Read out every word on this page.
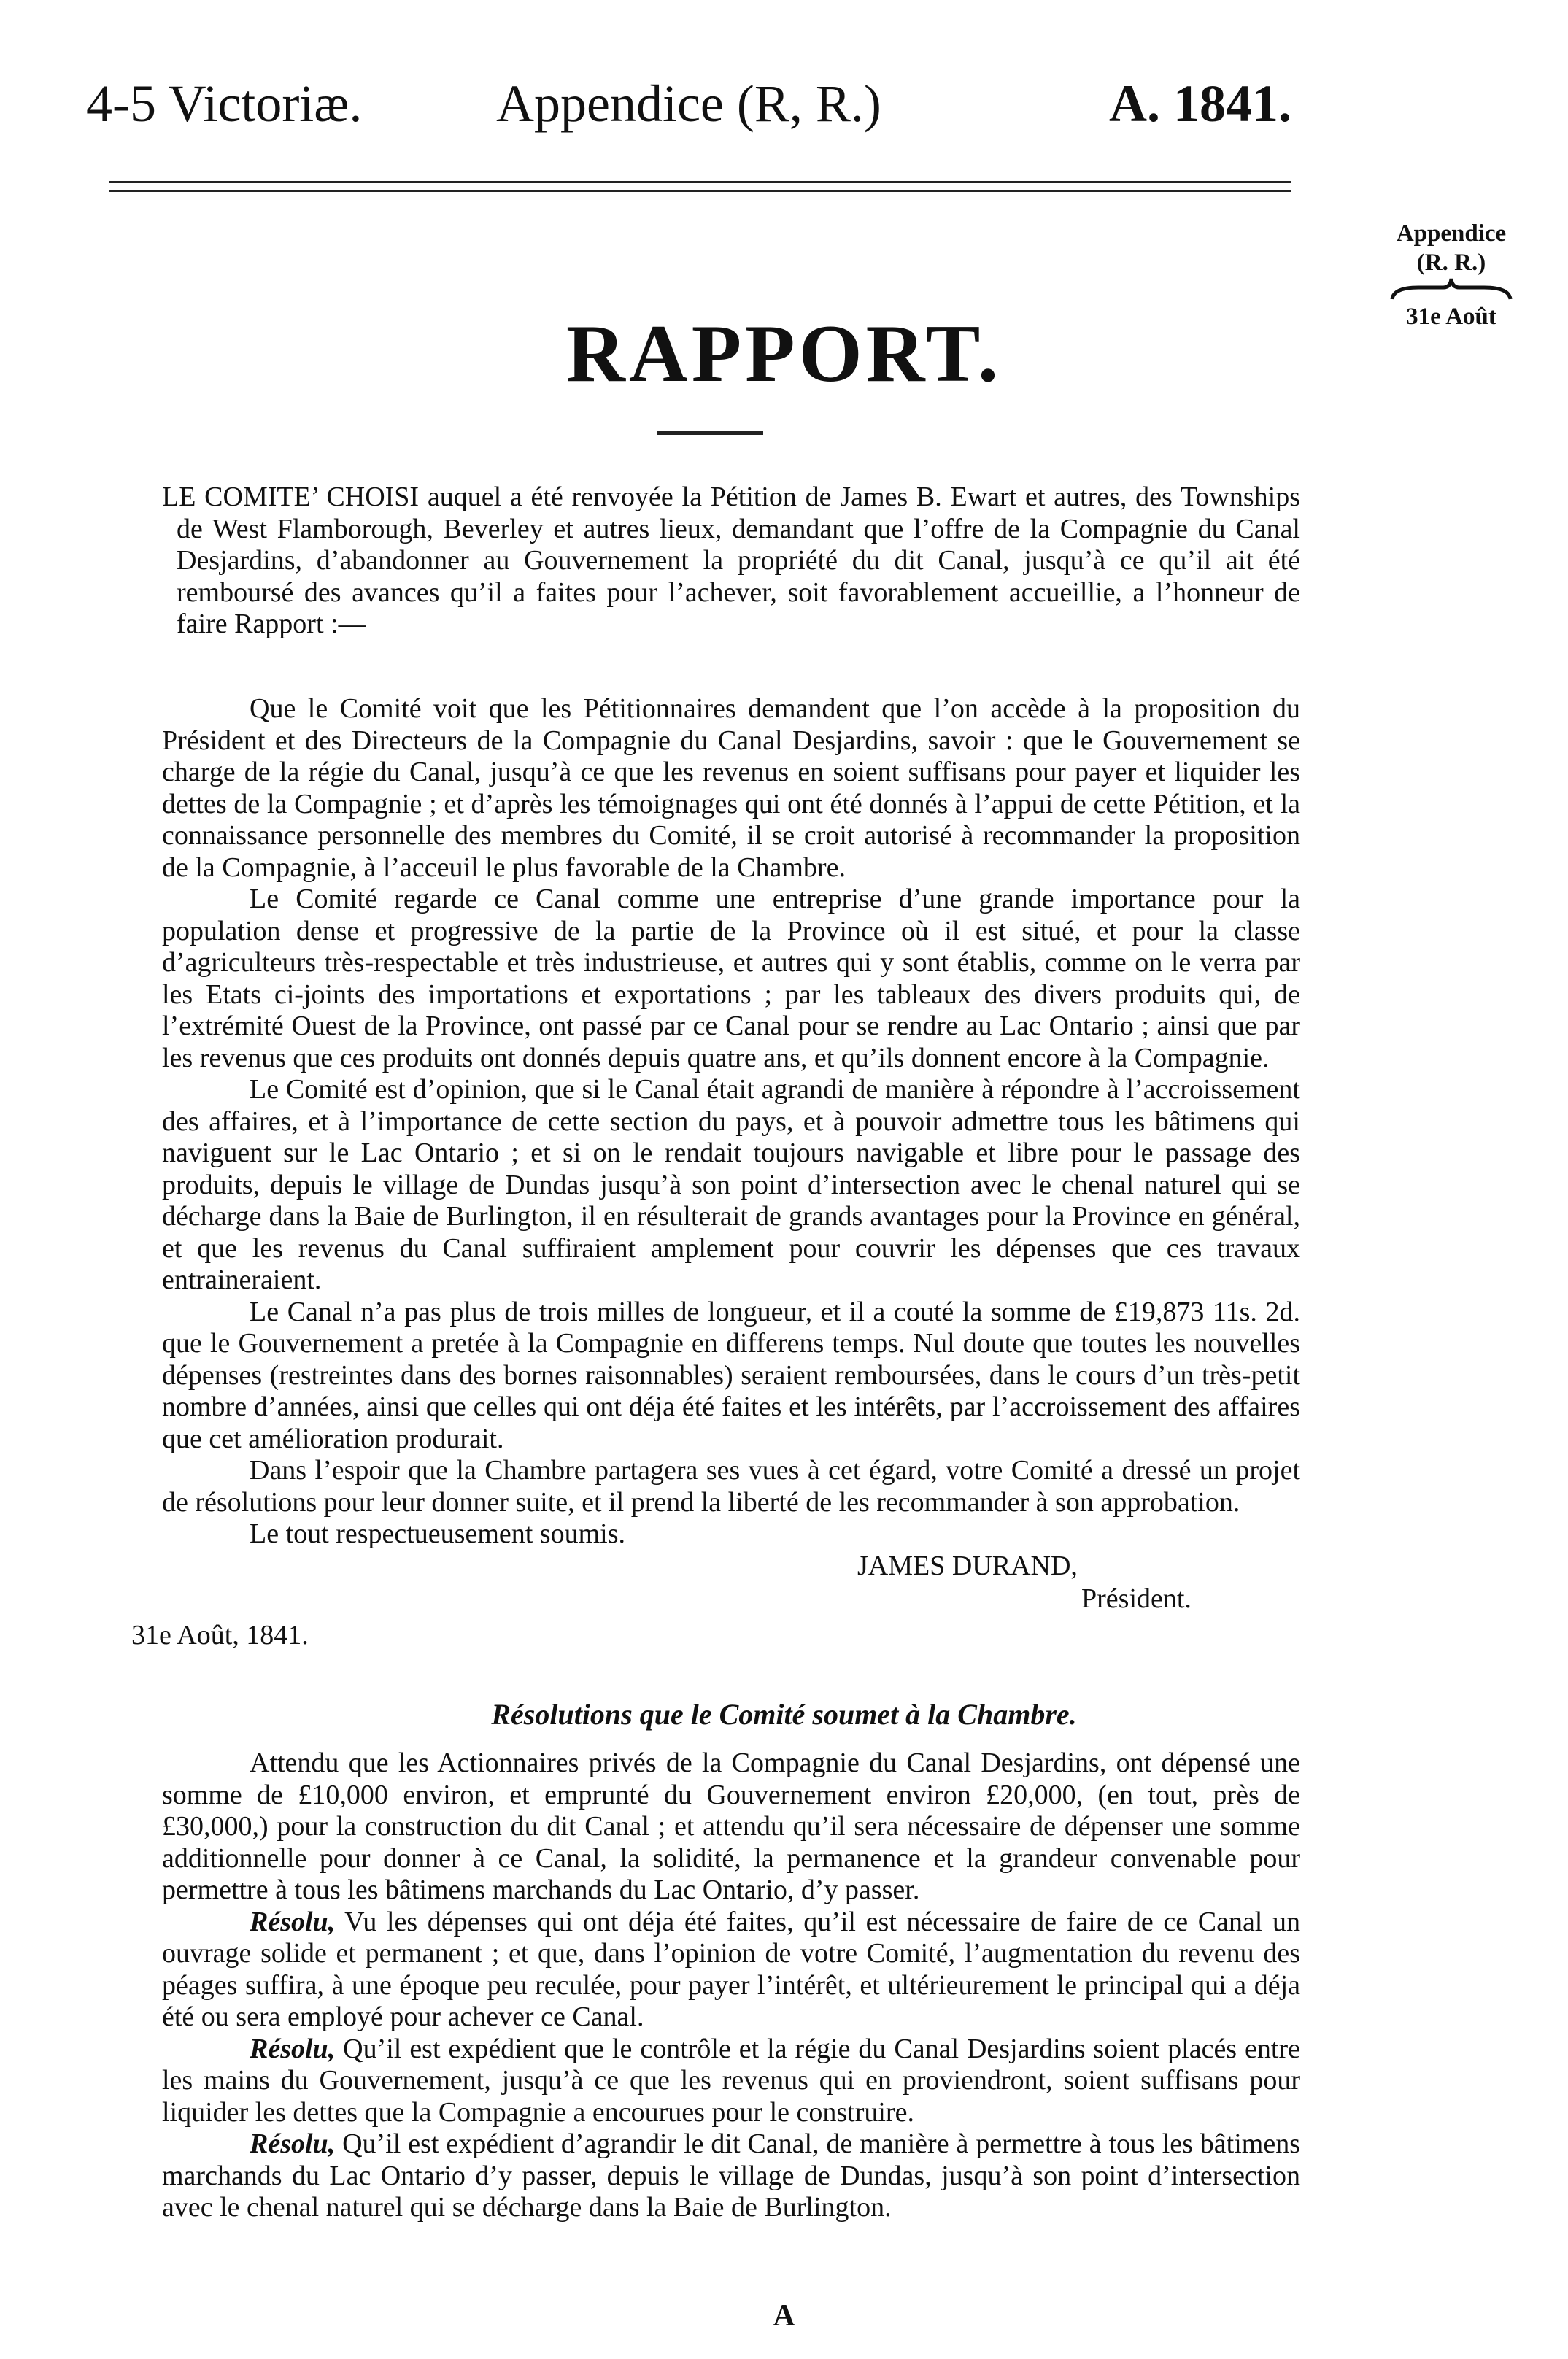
4-5 Victoriæ.	Appendice (R, R.)	A. 1841.
Appendice
(R. R.)
31e Août
RAPPORT.

LE COMITE’ CHOISI auquel a été renvoyée la Pétition de James B. Ewart et autres, des Townships de West Flamborough, Beverley et autres lieux, demandant que l’offre de la Compagnie du Canal Desjardins, d’abandonner au Gouvernement la propriété du dit Canal, jusqu’à ce qu’il ait été remboursé des avances qu’il a faites pour l’achever, soit favorablement accueillie, a l’honneur de faire Rapport :—

Que le Comité voit que les Pétitionnaires demandent que l’on accède à la proposition du Président et des Directeurs de la Compagnie du Canal Desjardins, savoir : que le Gouvernement se charge de la régie du Canal, jusqu’à ce que les revenus en soient suffisans pour payer et liquider les dettes de la Compagnie ; et d’après les témoignages qui ont été donnés à l’appui de cette Pétition, et la connaissance personnelle des membres du Comité, il se croit autorisé à recommander la proposition de la Compagnie, à l’acceuil le plus favorable de la Chambre.

Le Comité regarde ce Canal comme une entreprise d’une grande importance pour la population dense et progressive de la partie de la Province où il est situé, et pour la classe d’agriculteurs très-respectable et très industrieuse, et autres qui y sont établis, comme on le verra par les Etats ci-joints des importations et exportations ; par les tableaux des divers produits qui, de l’extrémité Ouest de la Province, ont passé par ce Canal pour se rendre au Lac Ontario ; ainsi que par les revenus que ces produits ont donnés depuis quatre ans, et qu’ils donnent encore à la Compagnie.

Le Comité est d’opinion, que si le Canal était agrandi de manière à répondre à l’accroissement des affaires, et à l’importance de cette section du pays, et à pouvoir admettre tous les bâtimens qui naviguent sur le Lac Ontario ; et si on le rendait toujours navigable et libre pour le passage des produits, depuis le village de Dundas jusqu’à son point d’intersection avec le chenal naturel qui se décharge dans la Baie de Burlington, il en résulterait de grands avantages pour la Province en général, et que les revenus du Canal suffiraient amplement pour couvrir les dépenses que ces travaux entraineraient.

Le Canal n’a pas plus de trois milles de longueur, et il a couté la somme de £19,873 11s. 2d. que le Gouvernement a pretée à la Compagnie en differens temps. Nul doute que toutes les nouvelles dépenses (restreintes dans des bornes raisonnables) seraient remboursées, dans le cours d’un très-petit nombre d’années, ainsi que celles qui ont déja été faites et les intérêts, par l’accroissement des affaires que cet amélioration produrait.

Dans l’espoir que la Chambre partagera ses vues à cet égard, votre Comité a dressé un projet de résolutions pour leur donner suite, et il prend la liberté de les recommander à son approbation.

Le tout respectueusement soumis.

JAMES DURAND,
Président.
31e Août, 1841.
Résolutions que le Comité soumet à la Chambre.

Attendu que les Actionnaires privés de la Compagnie du Canal Desjardins, ont dépensé une somme de £10,000 environ, et emprunté du Gouvernement environ £20,000, (en tout, près de £30,000,) pour la construction du dit Canal ; et attendu qu’il sera nécessaire de dépenser une somme additionnelle pour donner à ce Canal, la solidité, la permanence et la grandeur convenable pour permettre à tous les bâtimens marchands du Lac Ontario, d’y passer.

Résolu, Vu les dépenses qui ont déja été faites, qu’il est nécessaire de faire de ce Canal un ouvrage solide et permanent ; et que, dans l’opinion de votre Comité, l’augmentation du revenu des péages suffira, à une époque peu reculée, pour payer l’intérêt, et ultérieurement le principal qui a déja été ou sera employé pour achever ce Canal.

Résolu, Qu’il est expédient que le contrôle et la régie du Canal Desjardins soient placés entre les mains du Gouvernement, jusqu’à ce que les revenus qui en proviendront, soient suffisans pour liquider les dettes que la Compagnie a encourues pour le construire.

Résolu, Qu’il est expédient d’agrandir le dit Canal, de manière à permettre à tous les bâtimens marchands du Lac Ontario d’y passer, depuis le village de Dundas, jusqu’à son point d’intersection avec le chenal naturel qui se décharge dans la Baie de Burlington.

A
